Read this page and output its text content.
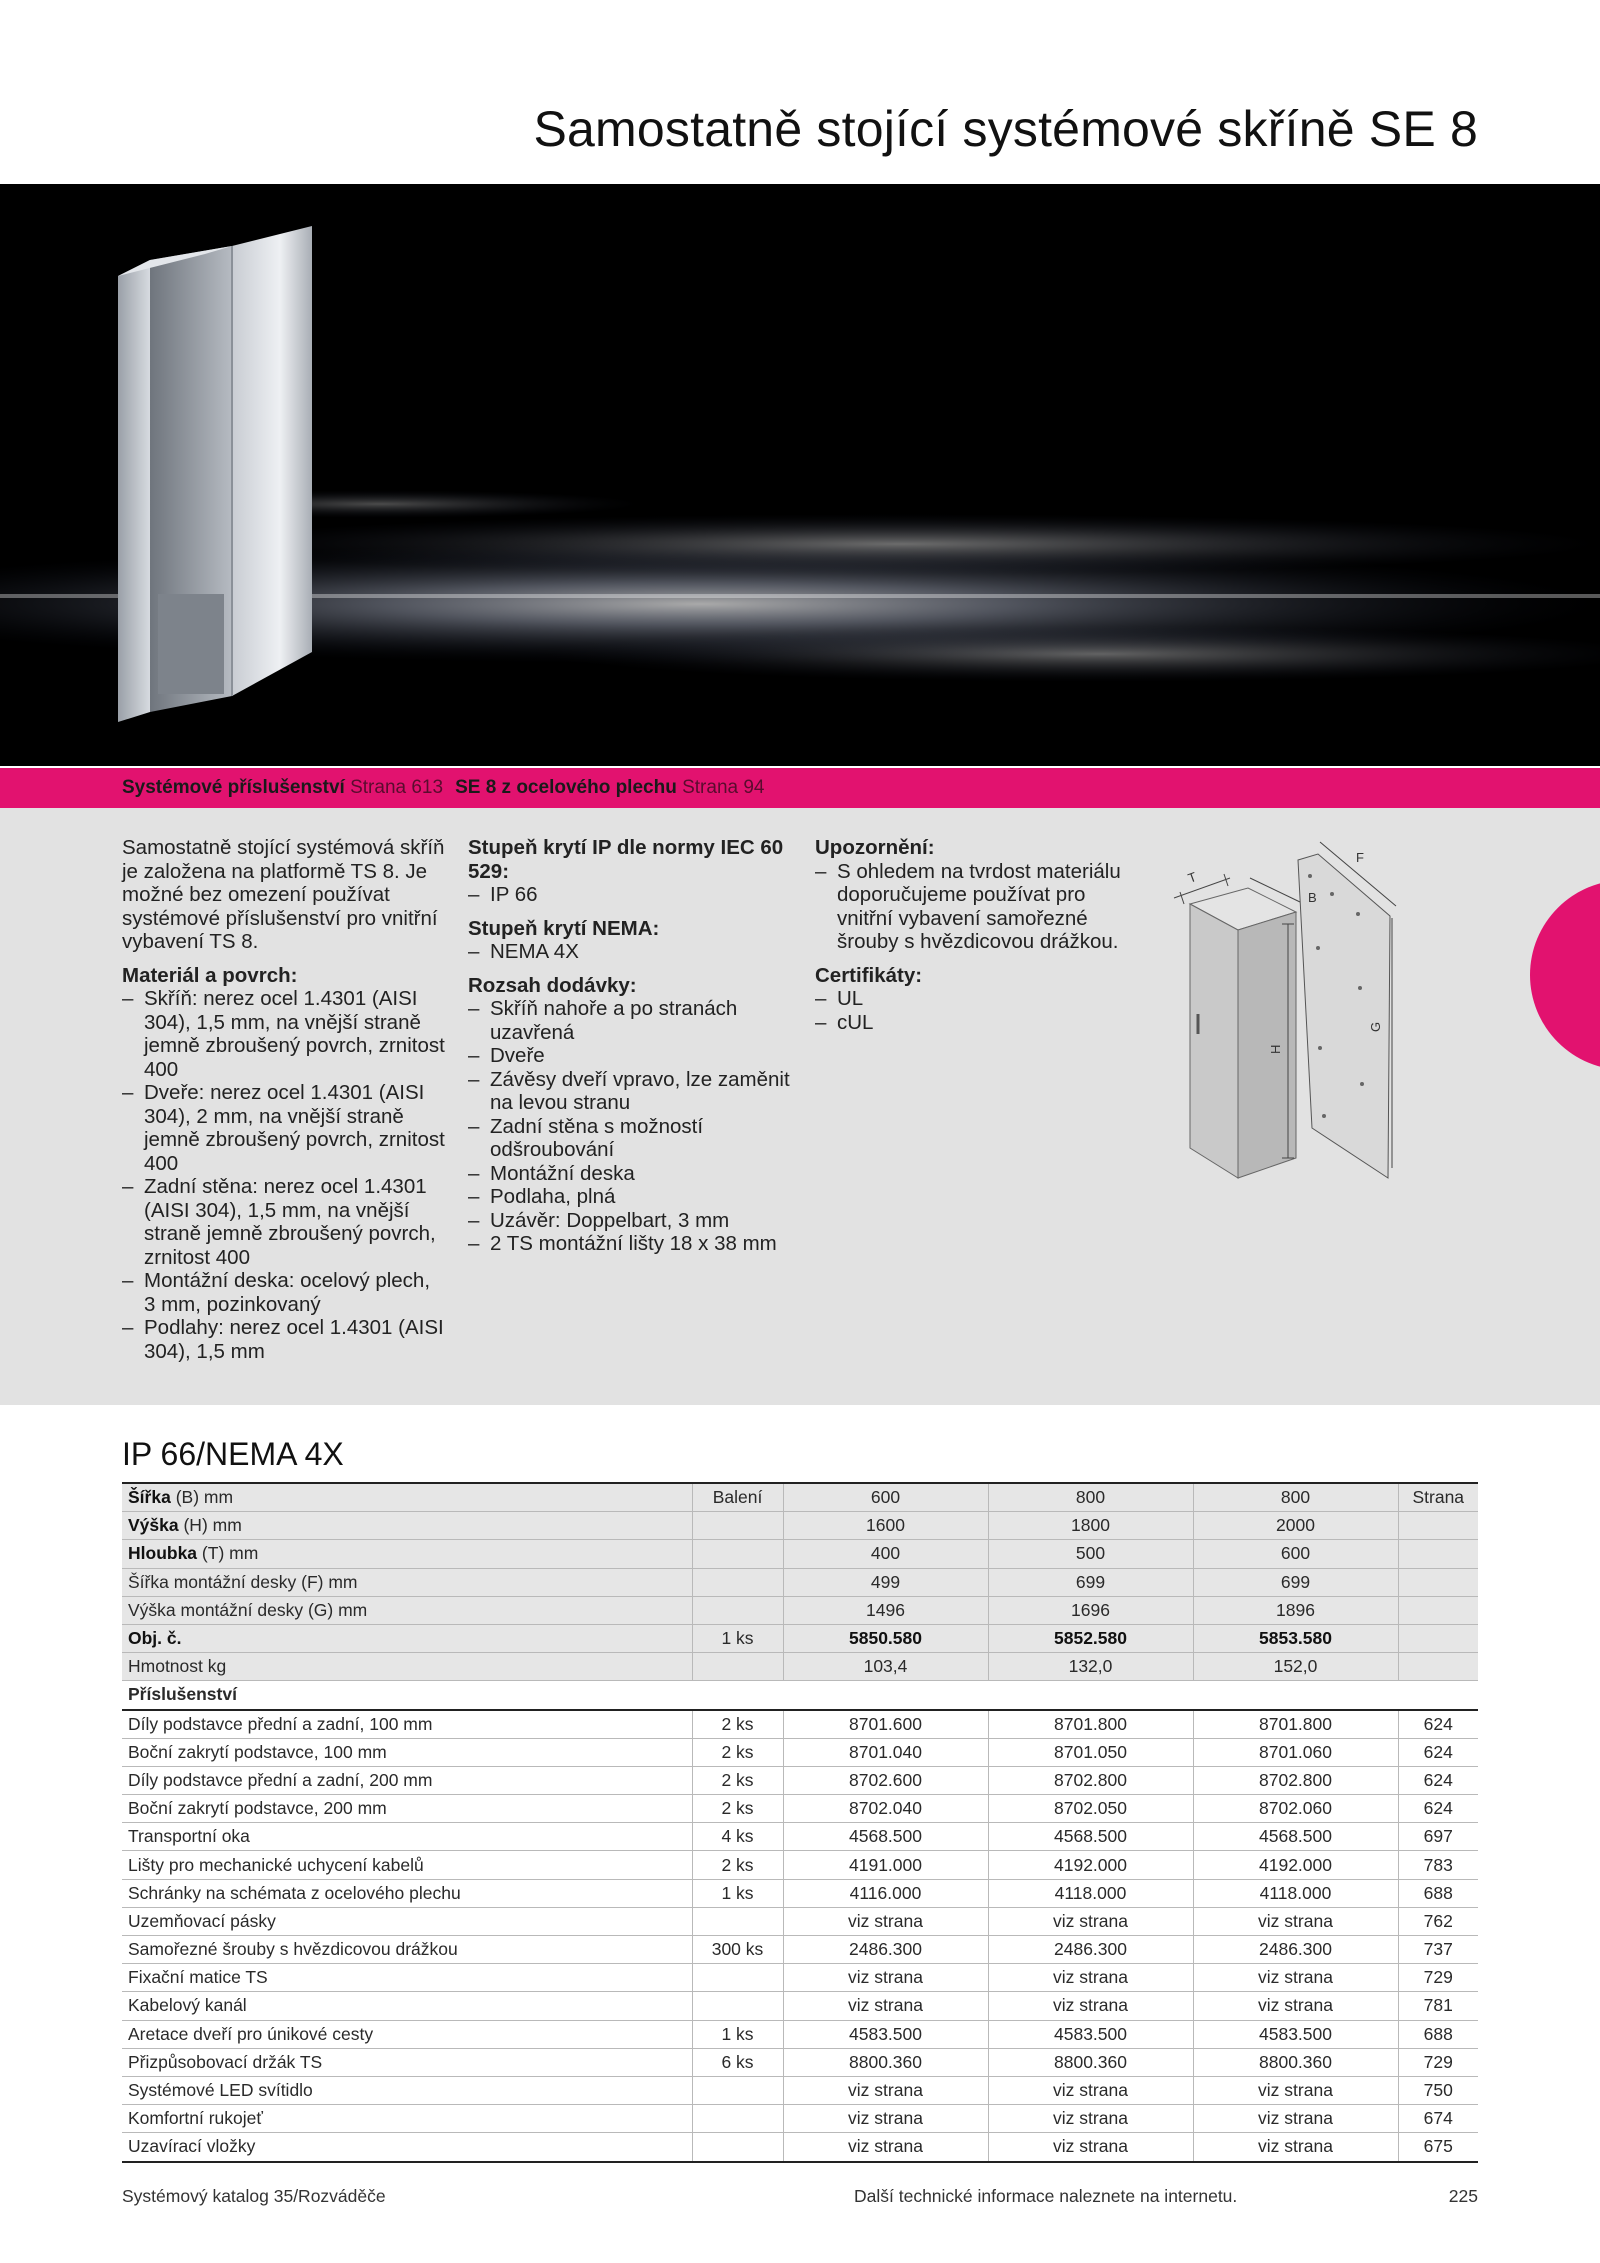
Samostatně stojící systémové skříně SE 8
Systémové příslušenství Strana 613 SE 8 z ocelového plechu Strana 94

Samostatně stojící systémová skříň je založena na platformě TS 8. Je možné bez omezení používat systémové příslušenství pro vnitřní vybavení TS 8.

Materiál a povrch:
– Skříň: nerez ocel 1.4301 (AISI 304), 1,5 mm, na vnější straně jemně zbroušený povrch, zrnitost 400
– Dveře: nerez ocel 1.4301 (AISI 304), 2 mm, na vnější straně jemně zbroušený povrch, zrnitost 400
– Zadní stěna: nerez ocel 1.4301 (AISI 304), 1,5 mm, na vnější straně jemně zbroušený povrch, zrnitost 400
– Montážní deska: ocelový plech, 3 mm, pozinkovaný
– Podlahy: nerez ocel 1.4301 (AISI 304), 1,5 mm
Stupeň krytí IP dle normy IEC 60 529:
– IP 66
Stupeň krytí NEMA:
– NEMA 4X
Rozsah dodávky:
– Skříň nahoře a po stranách uzavřená
– Dveře
– Závěsy dveří vpravo, lze zaměnit na levou stranu
– Zadní stěna s možností odšroubování
– Montážní deska
– Podlaha, plná
– Uzávěr: Doppelbart, 3 mm
– 2 TS montážní lišty 18 x 38 mm
Upozornění:
– S ohledem na tvrdost materiálu doporučujeme používat pro vnitřní vybavení samořezné šrouby s hvězdicovou drážkou.
Certifikáty:
– UL
– cUL
T
B
F
G
H
IP 66/NEMA 4X
Šířka (B) mm	Balení	600	800	800	Strana
Výška (H) mm		1600	1800	2000	
Hloubka (T) mm		400	500	600	
Šířka montážní desky (F) mm		499	699	699	
Výška montážní desky (G) mm		1496	1696	1896	
Obj. č.	1 ks	5850.580	5852.580	5853.580	
Hmotnost kg		103,4	132,0	152,0	
Příslušenství					
Díly podstavce přední a zadní, 100 mm	2 ks	8701.600	8701.800	8701.800	624
Boční zakrytí podstavce, 100 mm	2 ks	8701.040	8701.050	8701.060	624
Díly podstavce přední a zadní, 200 mm	2 ks	8702.600	8702.800	8702.800	624
Boční zakrytí podstavce, 200 mm	2 ks	8702.040	8702.050	8702.060	624
Transportní oka	4 ks	4568.500	4568.500	4568.500	697
Lišty pro mechanické uchycení kabelů	2 ks	4191.000	4192.000	4192.000	783
Schránky na schémata z ocelového plechu	1 ks	4116.000	4118.000	4118.000	688
Uzemňovací pásky		viz strana	viz strana	viz strana	762
Samořezné šrouby s hvězdicovou drážkou	300 ks	2486.300	2486.300	2486.300	737
Fixační matice TS		viz strana	viz strana	viz strana	729
Kabelový kanál		viz strana	viz strana	viz strana	781
Aretace dveří pro únikové cesty	1 ks	4583.500	4583.500	4583.500	688
Přizpůsobovací držák TS	6 ks	8800.360	8800.360	8800.360	729
Systémové LED svítidlo		viz strana	viz strana	viz strana	750
Komfortní rukojeť		viz strana	viz strana	viz strana	674
Uzavírací vložky		viz strana	viz strana	viz strana	675
Systémový katalog 35/Rozváděče	Další technické informace naleznete na internetu.	225
